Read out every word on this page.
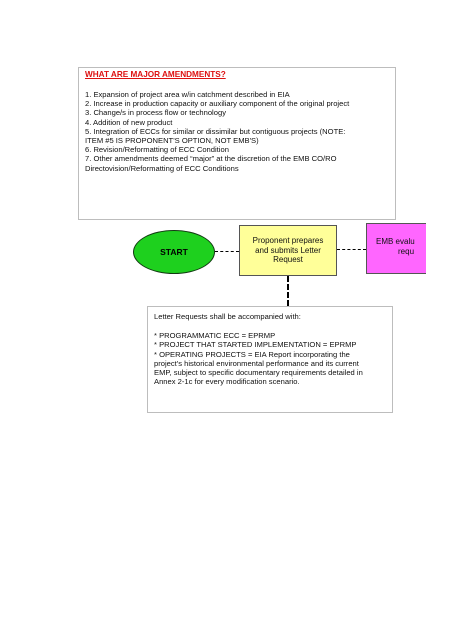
WHAT ARE MAJOR AMENDMENTS?
1. Expansion of project area w/in catchment described in EIA
2. Increase in production capacity or auxiliary component of the original project
3. Change/s in process flow or technology
4. Addition of new product
5. Integration of ECCs for similar or dissimilar but contiguous projects (NOTE:
ITEM #5 IS PROPONENT'S OPTION, NOT EMB'S)
6. Revision/Reformatting of ECC Condition
7. Other amendments deemed “major” at the discretion of the EMB CO/RO
Directovision/Reformatting of ECC Conditions
START
Proponent prepares and submits Letter Request
EMB evalu
requ
Letter Requests shall be accompanied with:
* PROGRAMMATIC ECC = EPRMP
* PROJECT THAT STARTED IMPLEMENTATION = EPRMP
* OPERATING PROJECTS = EIA Report incorporating the
project's historical environmental performance and its current
EMP, subject to specific documentary requirements detailed in
Annex 2-1c for every modification scenario.
